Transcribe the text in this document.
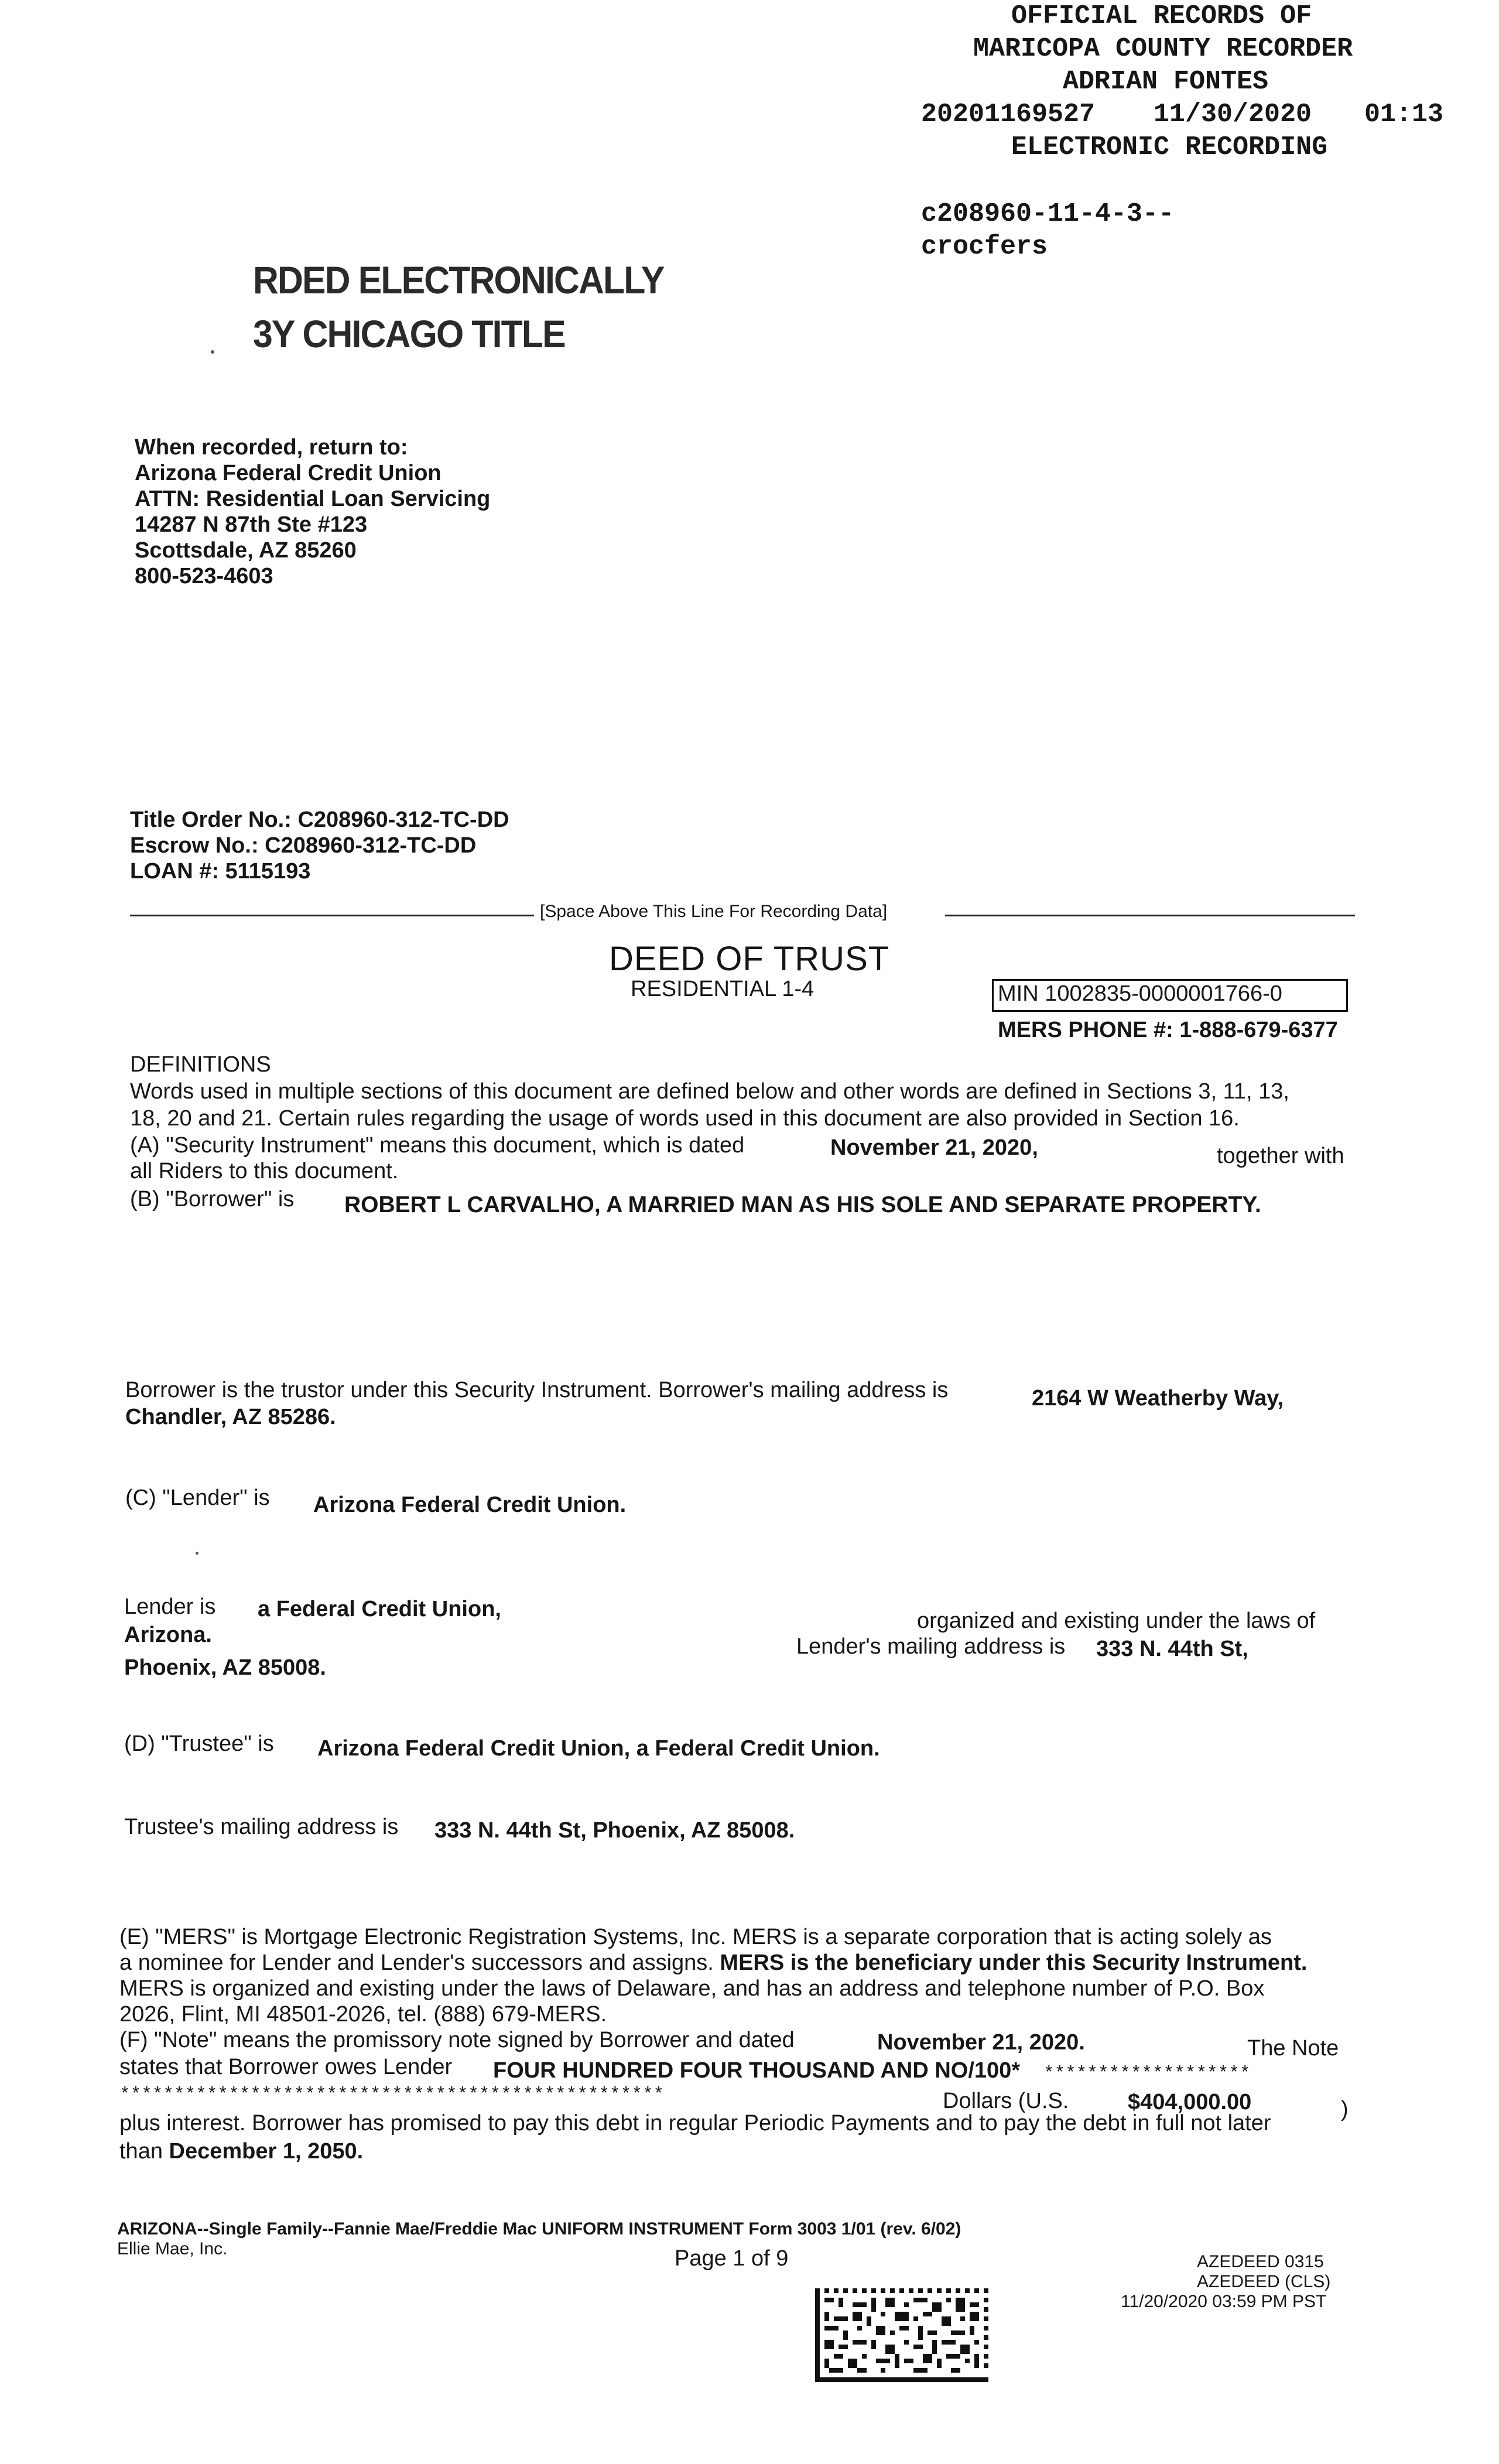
OFFICIAL RECORDS OF
MARICOPA COUNTY RECORDER
ADRIAN FONTES
20201169527 11/30/2020 01:13
ELECTRONIC RECORDING
c208960-11-4-3--
crocfers
RDED ELECTRONICALLY
3Y CHICAGO TITLE
When recorded, return to:
Arizona Federal Credit Union
ATTN: Residential Loan Servicing
14287 N 87th Ste #123
Scottsdale, AZ 85260
800-523-4603
Title Order No.: C208960-312-TC-DD
Escrow No.: C208960-312-TC-DD
LOAN #: 5115193
[Space Above This Line For Recording Data]
DEED OF TRUST
RESIDENTIAL 1-4	MIN 1002835-0000001766-0
MERS PHONE #: 1-888-679-6377
DEFINITIONS
Words used in multiple sections of this document are defined below and other words are defined in Sections 3, 11, 13,
18, 20 and 21. Certain rules regarding the usage of words used in this document are also provided in Section 16.
(A) "Security Instrument" means this document, which is dated	November 21, 2020,	together with
all Riders to this document.
(B) "Borrower" is ROBERT L CARVALHO, A MARRIED MAN AS HIS SOLE AND SEPARATE PROPERTY.
Borrower is the trustor under this Security Instrument. Borrower's mailing address is	2164 W Weatherby Way,
Chandler, AZ 85286.
(C) "Lender" is Arizona Federal Credit Union.
Lender is a Federal Credit Union,	organized and existing under the laws of
Arizona.	Lender's mailing address is 333 N. 44th St,
Phoenix, AZ 85008.
(D) "Trustee" is Arizona Federal Credit Union, a Federal Credit Union.
Trustee's mailing address is 333 N. 44th St, Phoenix, AZ 85008.
(E) "MERS" is Mortgage Electronic Registration Systems, Inc. MERS is a separate corporation that is acting solely as
a nominee for Lender and Lender's successors and assigns. MERS is the beneficiary under this Security Instrument.
MERS is organized and existing under the laws of Delaware, and has an address and telephone number of P.O. Box
2026, Flint, MI 48501-2026, tel. (888) 679-MERS.
(F) "Note" means the promissory note signed by Borrower and dated	November 21, 2020.	The Note
states that Borrower owes Lender FOUR HUNDRED FOUR THOUSAND AND NO/100* *******************
**************************************************	Dollars (U.S.	$404,000.00	)
plus interest. Borrower has promised to pay this debt in regular Periodic Payments and to pay the debt in full not later
than December 1, 2050.
ARIZONA--Single Family--Fannie Mae/Freddie Mac UNIFORM INSTRUMENT Form 3003 1/01 (rev. 6/02)
Ellie Mae, Inc.	Page 1 of 9	AZEDEED 0315
AZEDEED (CLS)
11/20/2020 03:59 PM PST
